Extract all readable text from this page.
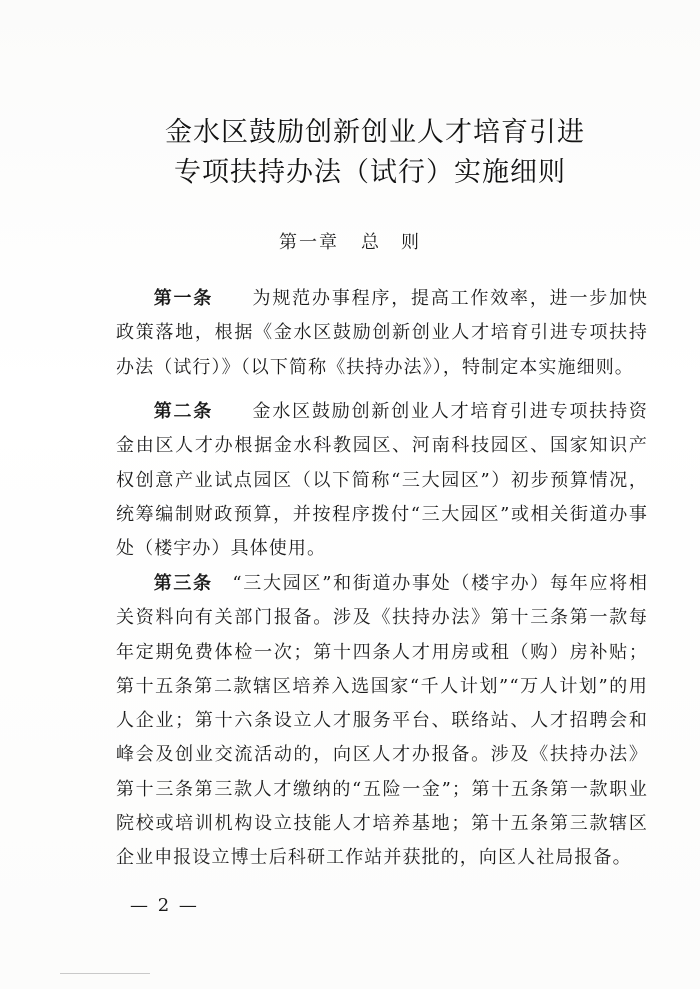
金水区鼓励创新创业人才培育引进
专项扶持办法（试行）实施细则
第一章 总　则
第一条　　 为规范办事程序，提高工作效率，进一步加快政策落地，根据《金水区鼓励创新创业人才培育引进专项扶持办法（试行）》（以下简称《扶持办法》），特制定本实施细则。
第二条　　 金水区鼓励创新创业人才培育引进专项扶持资金由区人才办根据金水科教园区、河南科技园区、国家知识产权创意产业试点园区（以下简称“三大园区”）初步预算情况，统筹编制财政预算，并按程序拨付“三大园区”或相关街道办事处（楼宇办）具体使用。
第三条　 “三大园区”和街道办事处（楼宇办）每年应将相关资料向有关部门报备。涉及《扶持办法》第十三条第一款每年定期免费体检一次；第十四条人才用房或租（购）房补贴；第十五条第二款辖区培养入选国家“千人计划”“万人计划”的用人企业；第十六条设立人才服务平台、联络站、人才招聘会和峰会及创业交流活动的，向区人才办报备。涉及《扶持办法》第十三条第三款人才缴纳的“五险一金”；第十五条第一款职业院校或培训机构设立技能人才培养基地；第十五条第三款辖区企业申报设立博士后科研工作站并获批的，向区人社局报备。
— 2 —
